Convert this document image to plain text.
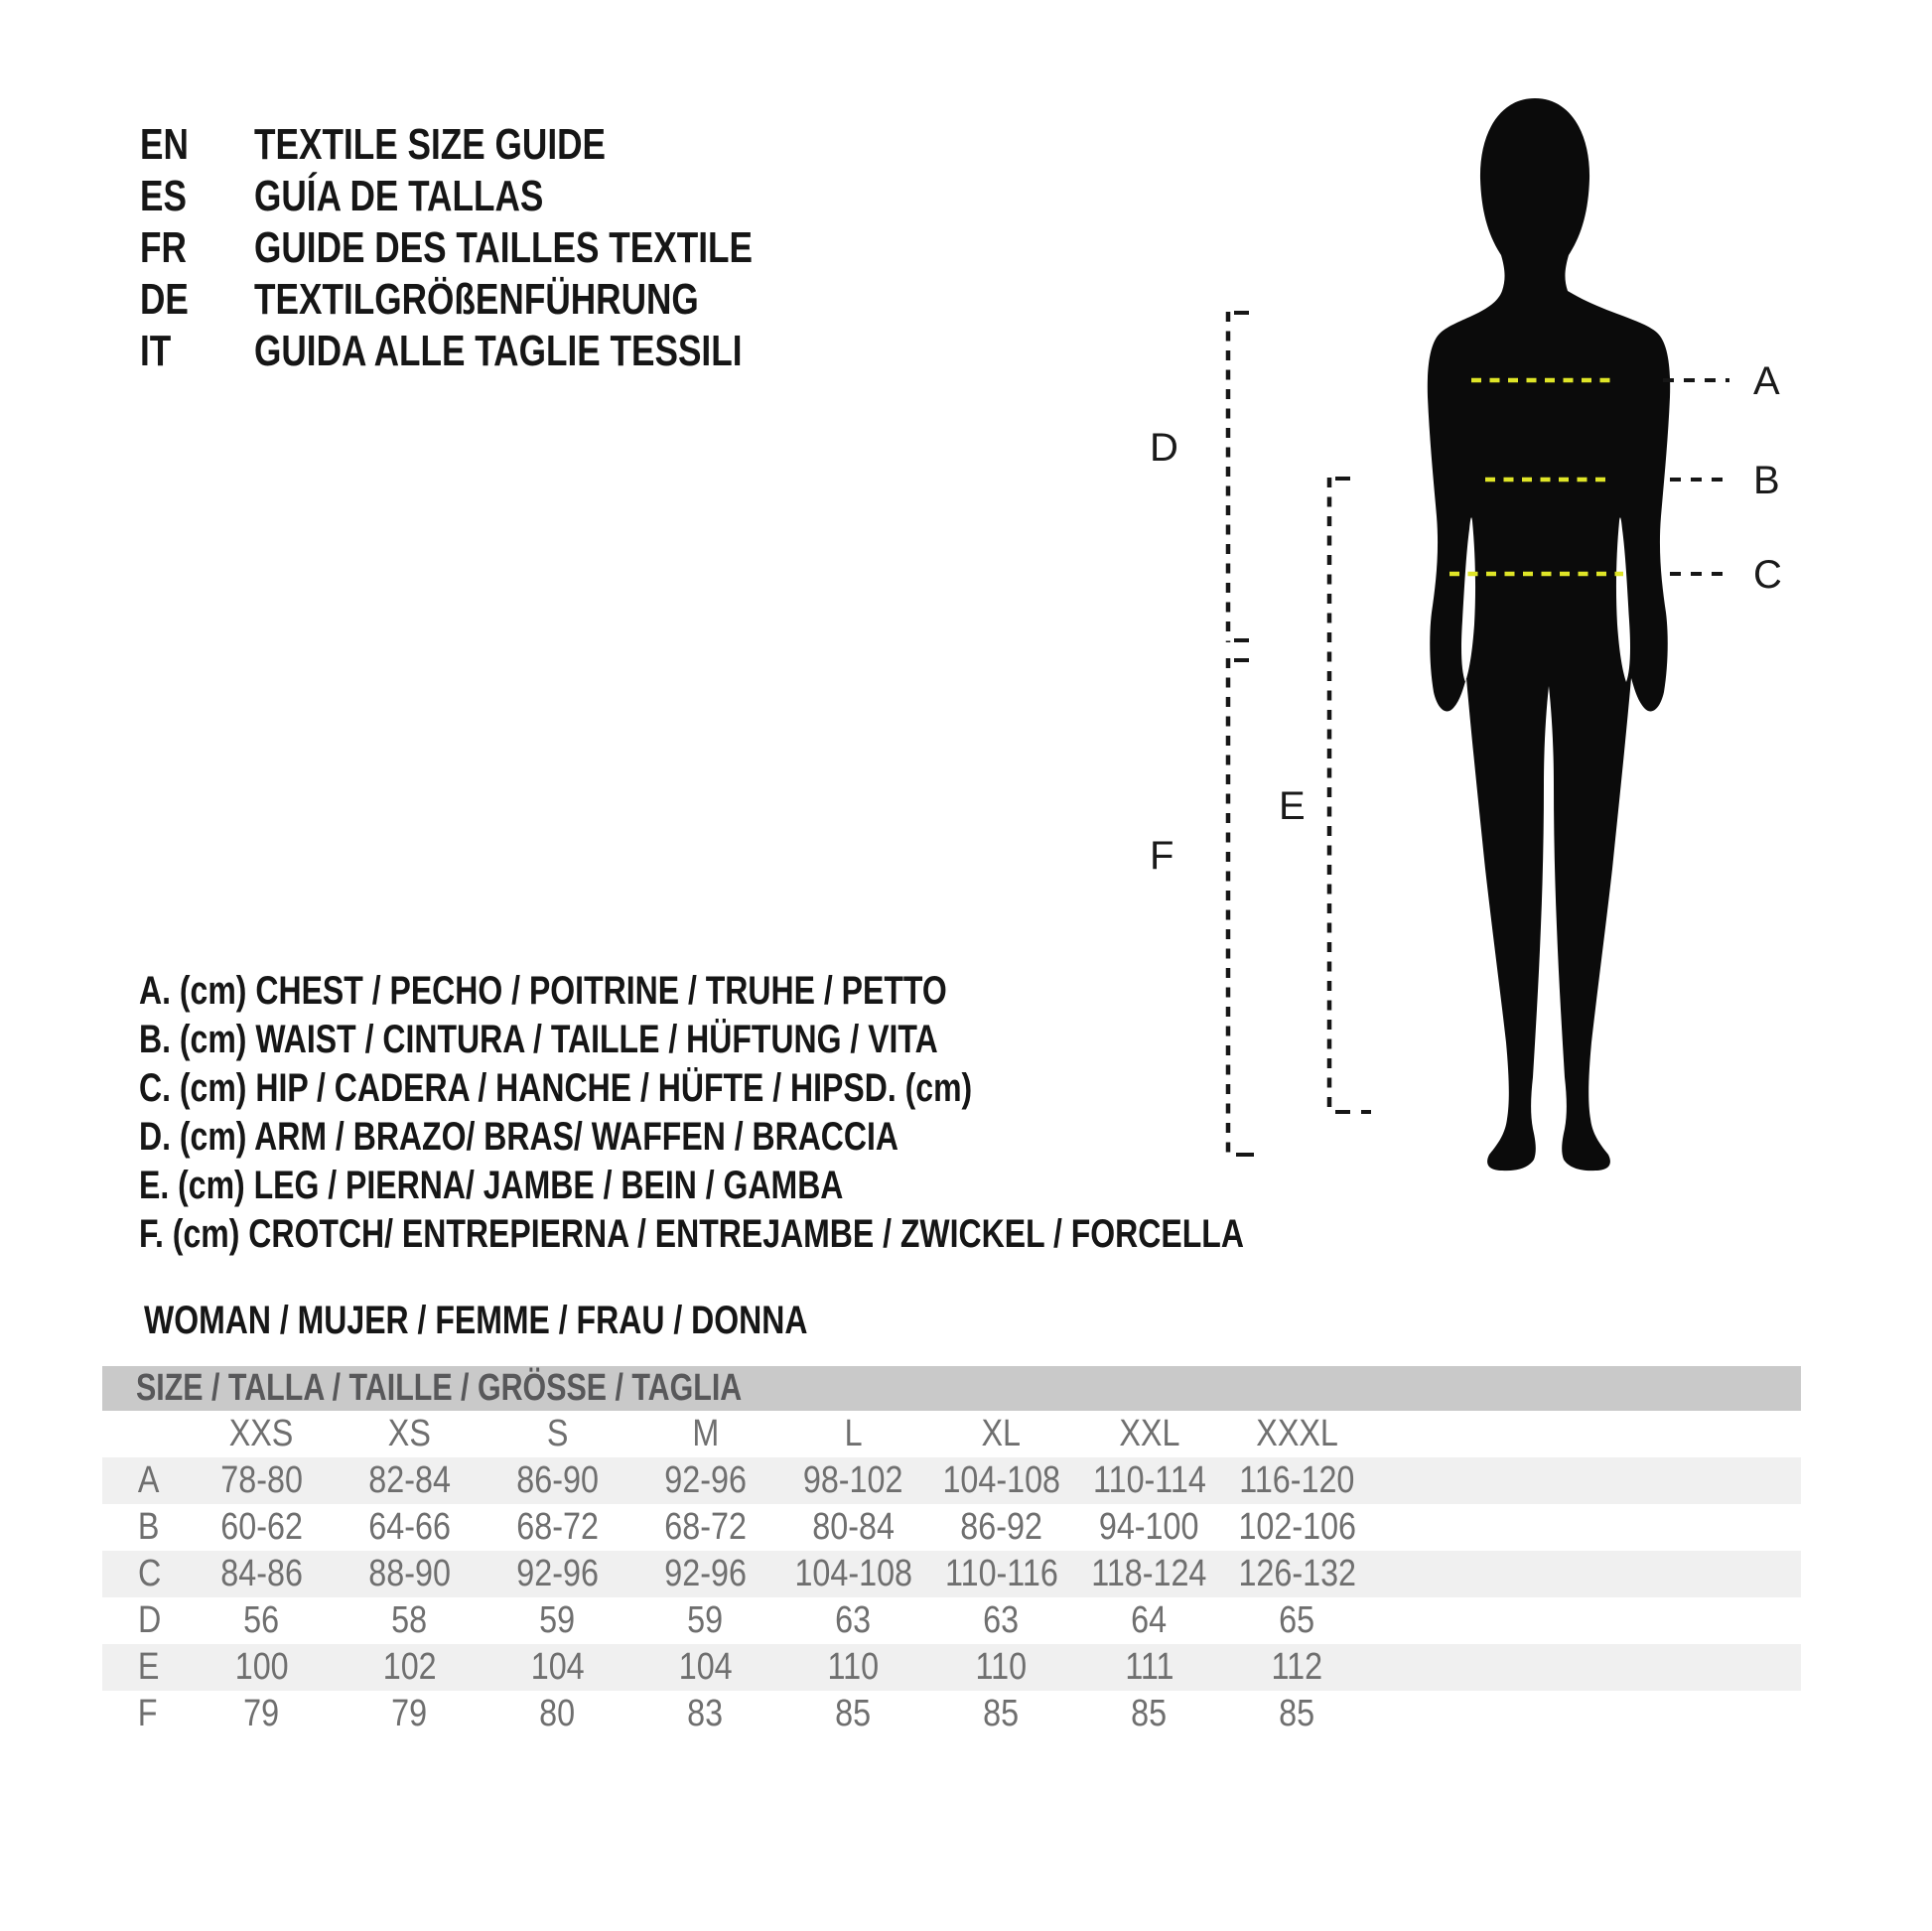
EN	TEXTILE SIZE GUIDE
ES	GUÍA DE TALLAS
FR	GUIDE DES TAILLES TEXTILE
DE	TEXTILGRÖßENFÜHRUNG
IT	GUIDA ALLE TAGLIE TESSILI
A
B
C
D
F
E
A. (cm) CHEST / PECHO / POITRINE / TRUHE / PETTO
B. (cm) WAIST / CINTURA / TAILLE / HÜFTUNG / VITA
C. (cm) HIP / CADERA / HANCHE / HÜFTE / HIPSD. (cm)
D. (cm) ARM / BRAZO/ BRAS/ WAFFEN / BRACCIA
E. (cm) LEG / PIERNA/ JAMBE / BEIN / GAMBA
F. (cm) CROTCH/ ENTREPIERNA / ENTREJAMBE / ZWICKEL / FORCELLA
WOMAN / MUJER / FEMME / FRAU / DONNA
SIZE / TALLA / TAILLE / GRÖSSE / TAGLIA
XXS	XS	S	M	L	XL	XXL	XXXL
A	78-80	82-84	86-90	92-96	98-102	104-108 110-114 116-120
B	60-62	64-66	68-72	68-72	80-84	86-92	94-100	102-106
C	84-86	88-90	92-96	92-96	104-108 110-116 118-124 126-132
D	56	58	59	59	63	63	64	65
E	100	102	104	104	110	110	111	112
F	79	79	80	83	85	85	85	85
